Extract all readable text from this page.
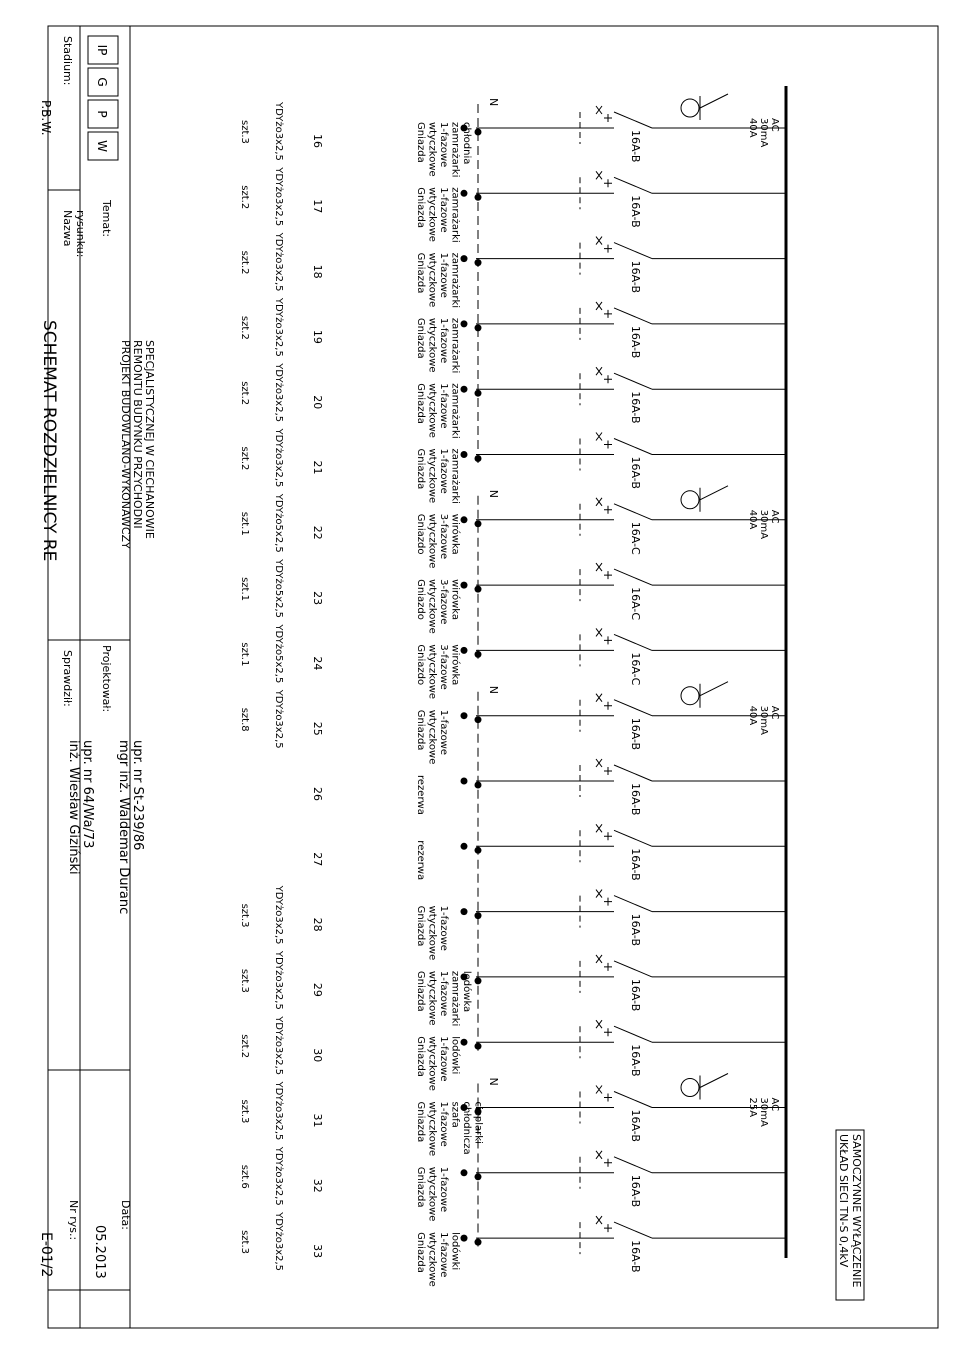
N
40A 30mA AC
N
40A 30mA AC
N
40A 30mA AC
N
25A 30mA AC
16A-B
Gniazda wtyczkowe 1-fazowe zamrażarki chłodnia
16
YDYżo3x2,5
szt.3
16A-B
Gniazda wtyczkowe 1-fazowe zamrażarki
17
YDYżo3x2,5
szt.2
16A-B
Gniazda wtyczkowe 1-fazowe zamrażarki
18
YDYżo3x2,5
szt.2
16A-B
Gniazda wtyczkowe 1-fazowe zamrażarki
19
YDYżo3x2,5
szt.2
16A-B
Gniazda wtyczkowe 1-fazowe zamrażarki
20
YDYżo3x2,5
szt.2
16A-B
Gniazda wtyczkowe 1-fazowe zamrażarki
21
YDYżo3x2,5
szt.2
16A-C
Gniazdo wtyczkowe 3-fazowe wirówka
22
YDYżo5x2,5
szt.1
16A-C
Gniazdo wtyczkowe 3-fazowe wirówka
23
YDYżo5x2,5
szt.1
16A-C
Gniazdo wtyczkowe 3-fazowe wirówka
24
YDYżo5x2,5
szt.1
16A-B
Gniazda wtyczkowe 1-fazowe
25
YDYżo3x2,5
szt.8
16A-B
rezerwa
26
16A-B
rezerwa
27
16A-B
Gniazda wtyczkowe 1-fazowe
28
YDYżo3x2,5
szt.3
16A-B
Gniazda wtyczkowe 1-fazowe zamrażarki lodówka
29
YDYżo3x2,5
szt.3
16A-B
Gniazda wtyczkowe 1-fazowe lodówki
30
YDYżo3x2,5
szt.2
16A-B
Gniazda wtyczkowe 1-fazowe szafa chłodnicza cieplarki
31
YDYżo3x2,5
szt.3
16A-B
Gniazda wtyczkowe 1-fazowe
32
YDYżo3x2,5
szt.6
16A-B
Gniazda wtyczkowe 1-fazowe lodówki
33
YDYżo3x2,5
szt.3	SAMOCZYNNE WYŁĄCZENIE
UKŁAD SIECI TN-S 0,4kV
IP
G
P
W
Temat:
PROJEKT BUDOWLANO-WYKONAWCZY REMONTU BUDYNKU PRZYCHODNI SPECJALISTYCZNEJ W CIECHANOWIE
Stadium:
P.B.W.
Nazwa rysunku:
SCHEMAT ROZDZIELNICY RE
Projektował:
mgr inż. Waldemar Duranc upr. nr St-239/86
Sprawdził:
inż. Wiesław Giziński upr. nr 64/Wa/73
Data:
05.2013
Nr rys.:
E-01/2
